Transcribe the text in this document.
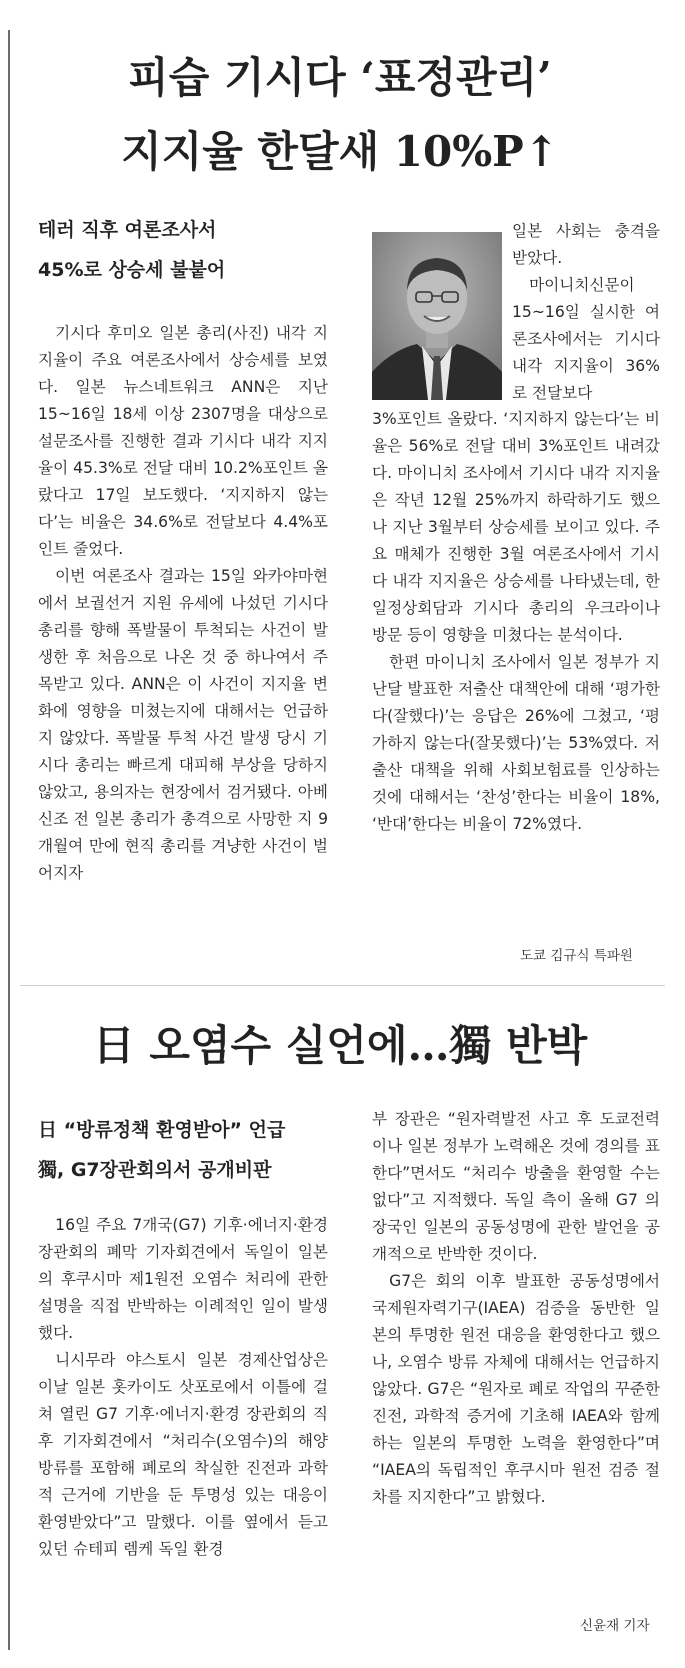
피습 기시다 ‘표정관리’
지지율 한달새 10%P↑
테러 직후 여론조사서
45%로 상승세 불붙어

기시다 후미오 일본 총리(사진) 내각 지지율이 주요 여론조사에서 상승세를 보였다. 일본 뉴스네트워크 ANN은 지난 15~16일 18세 이상 2307명을 대상으로 설문조사를 진행한 결과 기시다 내각 지지율이 45.3%로 전달 대비 10.2%포인트 올랐다고 17일 보도했다. ‘지지하지 않는다’는 비율은 34.6%로 전달보다 4.4%포인트 줄었다.

이번 여론조사 결과는 15일 와카야마현에서 보궐선거 지원 유세에 나섰던 기시다 총리를 향해 폭발물이 투척되는 사건이 발생한 후 처음으로 나온 것 중 하나여서 주목받고 있다. ANN은 이 사건이 지지율 변화에 영향을 미쳤는지에 대해서는 언급하지 않았다. 폭발물 투척 사건 발생 당시 기시다 총리는 빠르게 대피해 부상을 당하지 않았고, 용의자는 현장에서 검거됐다. 아베 신조 전 일본 총리가 총격으로 사망한 지 9개월여 만에 현직 총리를 겨냥한 사건이 벌어지자

일본 사회는 충격을 받았다.

마이니치신문이 15~16일 실시한 여론조사에서는 기시다 내각 지지율이 36%로 전달보다

3%포인트 올랐다. ‘지지하지 않는다’는 비율은 56%로 전달 대비 3%포인트 내려갔다. 마이니치 조사에서 기시다 내각 지지율은 작년 12월 25%까지 하락하기도 했으나 지난 3월부터 상승세를 보이고 있다. 주요 매체가 진행한 3월 여론조사에서 기시다 내각 지지율은 상승세를 나타냈는데, 한일정상회담과 기시다 총리의 우크라이나 방문 등이 영향을 미쳤다는 분석이다.

한편 마이니치 조사에서 일본 정부가 지난달 발표한 저출산 대책안에 대해 ‘평가한다(잘했다)’는 응답은 26%에 그쳤고, ‘평가하지 않는다(잘못했다)’는 53%였다. 저출산 대책을 위해 사회보험료를 인상하는 것에 대해서는 ‘찬성’한다는 비율이 18%, ‘반대’한다는 비율이 72%였다.

도쿄 김규식 특파원

日 오염수 실언에…獨 반박
日 “방류정책 환영받아” 언급
獨, G7장관회의서 공개비판

16일 주요 7개국(G7) 기후·에너지·환경 장관회의 폐막 기자회견에서 독일이 일본의 후쿠시마 제1원전 오염수 처리에 관한 설명을 직접 반박하는 이례적인 일이 발생했다.

니시무라 야스토시 일본 경제산업상은 이날 일본 홋카이도 삿포로에서 이틀에 걸쳐 열린 G7 기후·에너지·환경 장관회의 직후 기자회견에서 “처리수(오염수)의 해양 방류를 포함해 폐로의 착실한 진전과 과학적 근거에 기반을 둔 투명성 있는 대응이 환영받았다”고 말했다. 이를 옆에서 듣고 있던 슈테피 렘케 독일 환경

부 장관은 “원자력발전 사고 후 도쿄전력이나 일본 정부가 노력해온 것에 경의를 표한다”면서도 “처리수 방출을 환영할 수는 없다”고 지적했다. 독일 측이 올해 G7 의장국인 일본의 공동성명에 관한 발언을 공개적으로 반박한 것이다.

G7은 회의 이후 발표한 공동성명에서 국제원자력기구(IAEA) 검증을 동반한 일본의 투명한 원전 대응을 환영한다고 했으나, 오염수 방류 자체에 대해서는 언급하지 않았다. G7은 “원자로 폐로 작업의 꾸준한 진전, 과학적 증거에 기초해 IAEA와 함께하는 일본의 투명한 노력을 환영한다”며 “IAEA의 독립적인 후쿠시마 원전 검증 절차를 지지한다”고 밝혔다.

신윤재 기자
